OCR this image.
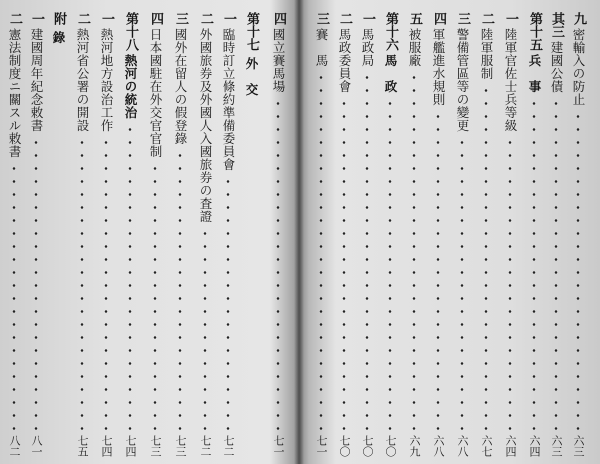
四
國立賽馬場
七一
第十七
外　交
一
臨時訂立條約準備委員會
七二
二
外國旅券及外國人入國旅券の査證
七二
三
國外在留人の假登錄
七三
四
日本國駐在外交官官制
七三
第十八
熱河の統治
七四
一
熱河地方設治工作
七四
二
熱河省公署の開設
七五
附
錄
一
建國周年紀念敕書
八一
二
憲法制度ニ關スル敕書
八二
九
密輸入の防止
六三
其三
建國公債
六三
第十五
兵　事
六四
一
陸軍官佐士兵等級
六四
二
陸軍服制
六七
三
警備管區等の變更
六八
四
軍艦進水規則
六八
五
被服廠
六九
第十六
馬　政
七〇
一
馬政局
七〇
二
馬政委員會
七〇
三
賽　馬
七一
